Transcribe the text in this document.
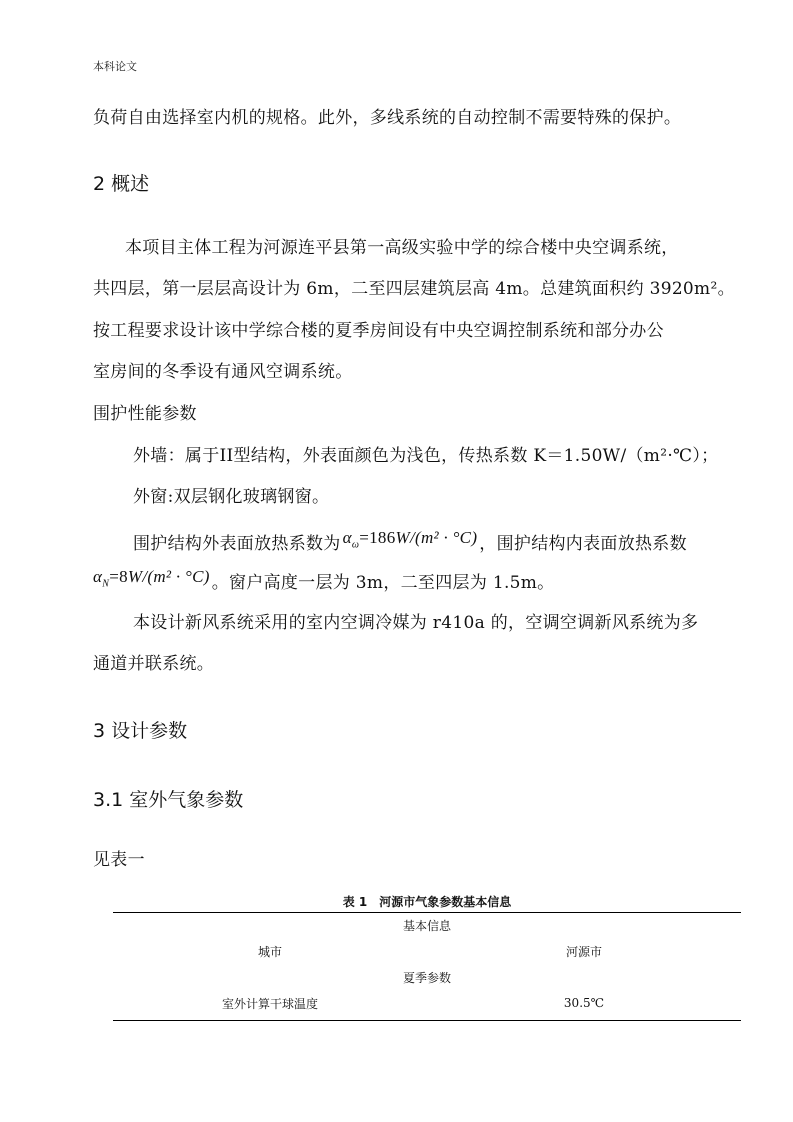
本科论文
负荷自由选择室内机的规格。此外，多线系统的自动控制不需要特殊的保护。
2 概述
本项目主体工程为河源连平县第一高级实验中学的综合楼中央空调系统，
共四层，第一层层高设计为 6m，二至四层建筑层高 4m。总建筑面积约 3920m²。
按工程要求设计该中学综合楼的夏季房间设有中央空调控制系统和部分办公
室房间的冬季设有通风空调系统。
围护性能参数
外墙：属于II型结构，外表面颜色为浅色，传热系数 K＝1.50W/（m²·℃）；
外窗:双层钢化玻璃钢窗。
围护结构外表面放热系数为 $\alpha_\omega=186W/(m^2 \cdot ^\circ C)$ ，围护结构内表面放热系数
$\alpha_N=8W/(m^2 \cdot ^\circ C)$ 。窗户高度一层为 3m，二至四层为 1.5m。
本设计新风系统采用的室内空调冷媒为 r410a 的，空调空调新风系统为多
通道并联系统。
3 设计参数
3.1 室外气象参数
见表一
表 1　河源市气象参数基本信息
基本信息	
城市	河源市
夏季参数	
室外计算干球温度	30.5℃
